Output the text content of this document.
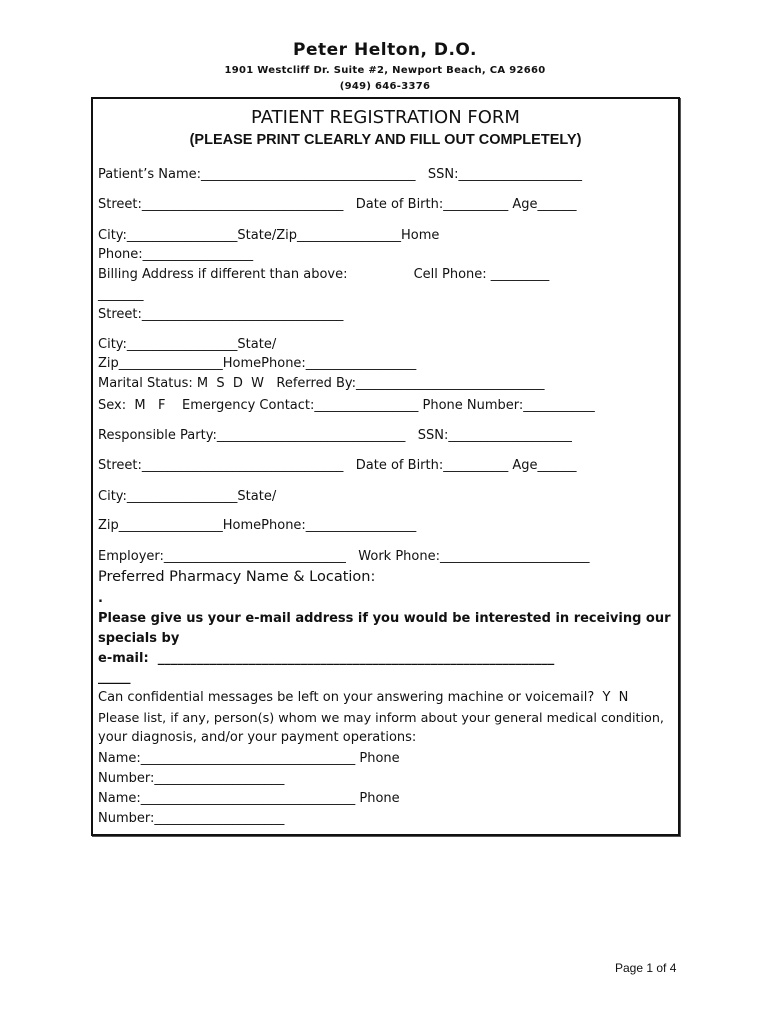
Peter Helton, D.O.
1901 Westcliff Dr. Suite #2, Newport Beach, CA 92660
(949) 646-3376
PATIENT REGISTRATION FORM
(PLEASE PRINT CLEARLY AND FILL OUT COMPLETELY)
Patient’s Name:_________________________________   SSN:___________________
Street:_______________________________   Date of Birth:__________ Age______
City:_________________State/Zip________________Home
Phone:_________________
Billing Address if different than above:                Cell Phone: _________
_______
Street:_______________________________
City:_________________State/
Zip________________HomePhone:_________________
Marital Status: M  S  D  W   Referred By:_____________________________
Sex:  M   F    Emergency Contact:________________ Phone Number:___________
Responsible Party:_____________________________   SSN:___________________
Street:_______________________________   Date of Birth:__________ Age______
City:_________________State/
Zip________________HomePhone:_________________
Employer:____________________________   Work Phone:_______________________
Preferred Pharmacy Name & Location:
.
Please give us your e-mail address if you would be interested in receiving our
specials by
e-mail:  _____________________________________________________________
_____
Can confidential messages be left on your answering machine or voicemail?  Y  N
Please list, if any, person(s) whom we may inform about your general medical condition,
your diagnosis, and/or your payment operations:
Name:_________________________________ Phone
Number:____________________
Name:_________________________________ Phone
Number:____________________
Page 1 of 4
